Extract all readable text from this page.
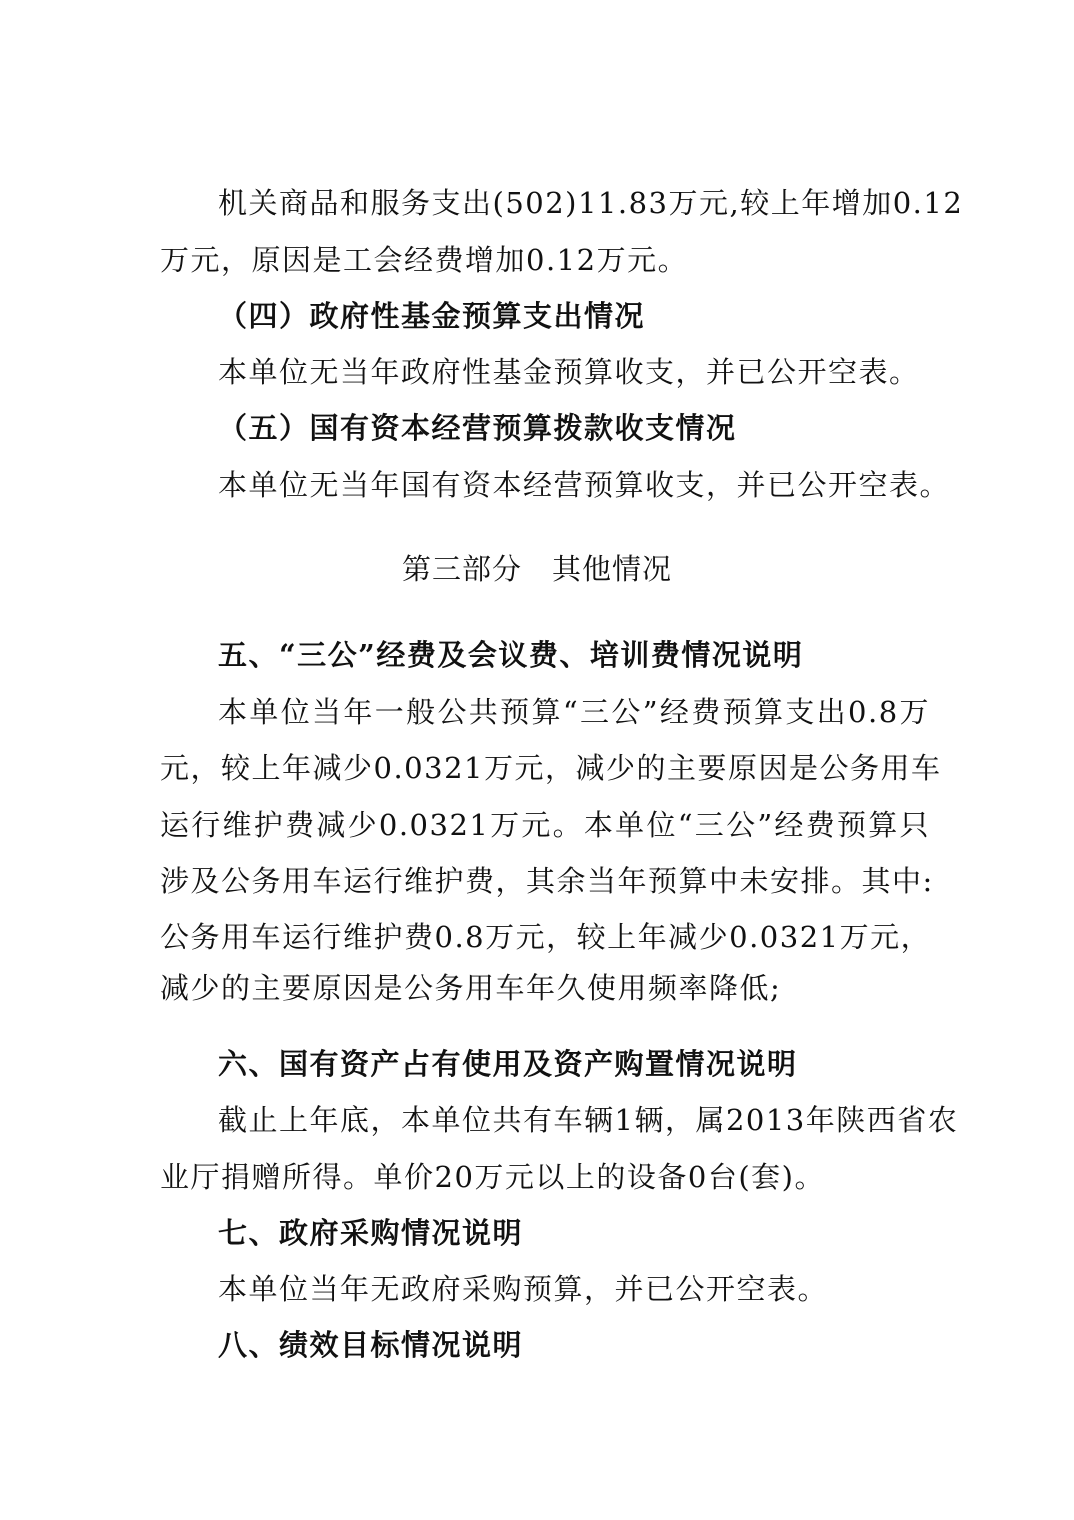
机关商品和服务支出(502)11.83万元,较上年增加0.12
万元，原因是工会经费增加0.12万元。
（四）政府性基金预算支出情况
本单位无当年政府性基金预算收支，并已公开空表。
（五）国有资本经营预算拨款收支情况
本单位无当年国有资本经营预算收支，并已公开空表。
第三部分　其他情况
五、“三公”经费及会议费、培训费情况说明
本单位当年一般公共预算“三公”经费预算支出0.8万
元，较上年减少0.0321万元，减少的主要原因是公务用车
运行维护费减少0.0321万元。本单位“三公”经费预算只
涉及公务用车运行维护费，其余当年预算中未安排。其中:
公务用车运行维护费0.8万元，较上年减少0.0321万元，
减少的主要原因是公务用车年久使用频率降低;
六、国有资产占有使用及资产购置情况说明
截止上年底，本单位共有车辆1辆，属2013年陕西省农
业厅捐赠所得。单价20万元以上的设备0台(套)。
七、政府采购情况说明
本单位当年无政府采购预算，并已公开空表。
八、绩效目标情况说明
